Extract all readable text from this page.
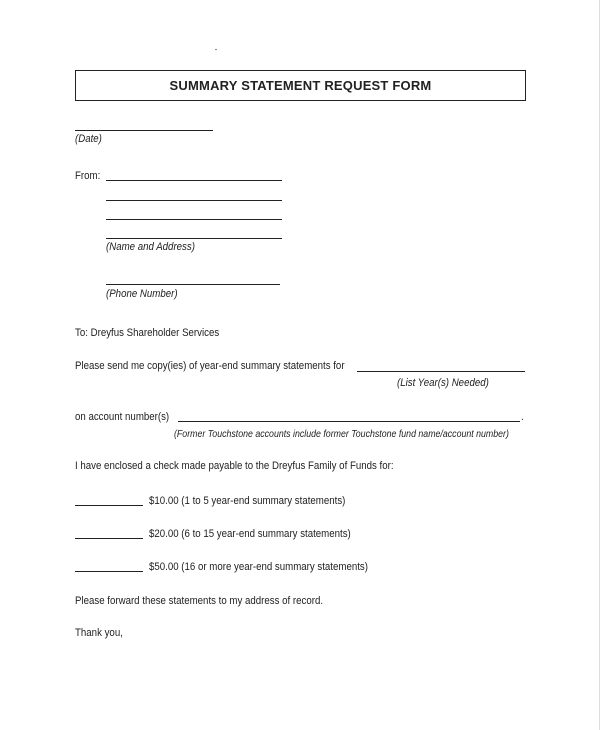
SUMMARY STATEMENT REQUEST FORM
(Date)
From:
(Name and Address)
(Phone Number)
To: Dreyfus Shareholder Services
Please send me copy(ies) of year-end summary statements for
(List Year(s) Needed)
on account number(s)	.
(Former Touchstone accounts include former Touchstone fund name/account number)
I have enclosed a check made payable to the Dreyfus Family of Funds for:
$10.00 (1 to 5 year-end summary statements)
$20.00 (6 to 15 year-end summary statements)
$50.00 (16 or more year-end summary statements)
Please forward these statements to my address of record.
Thank you,
